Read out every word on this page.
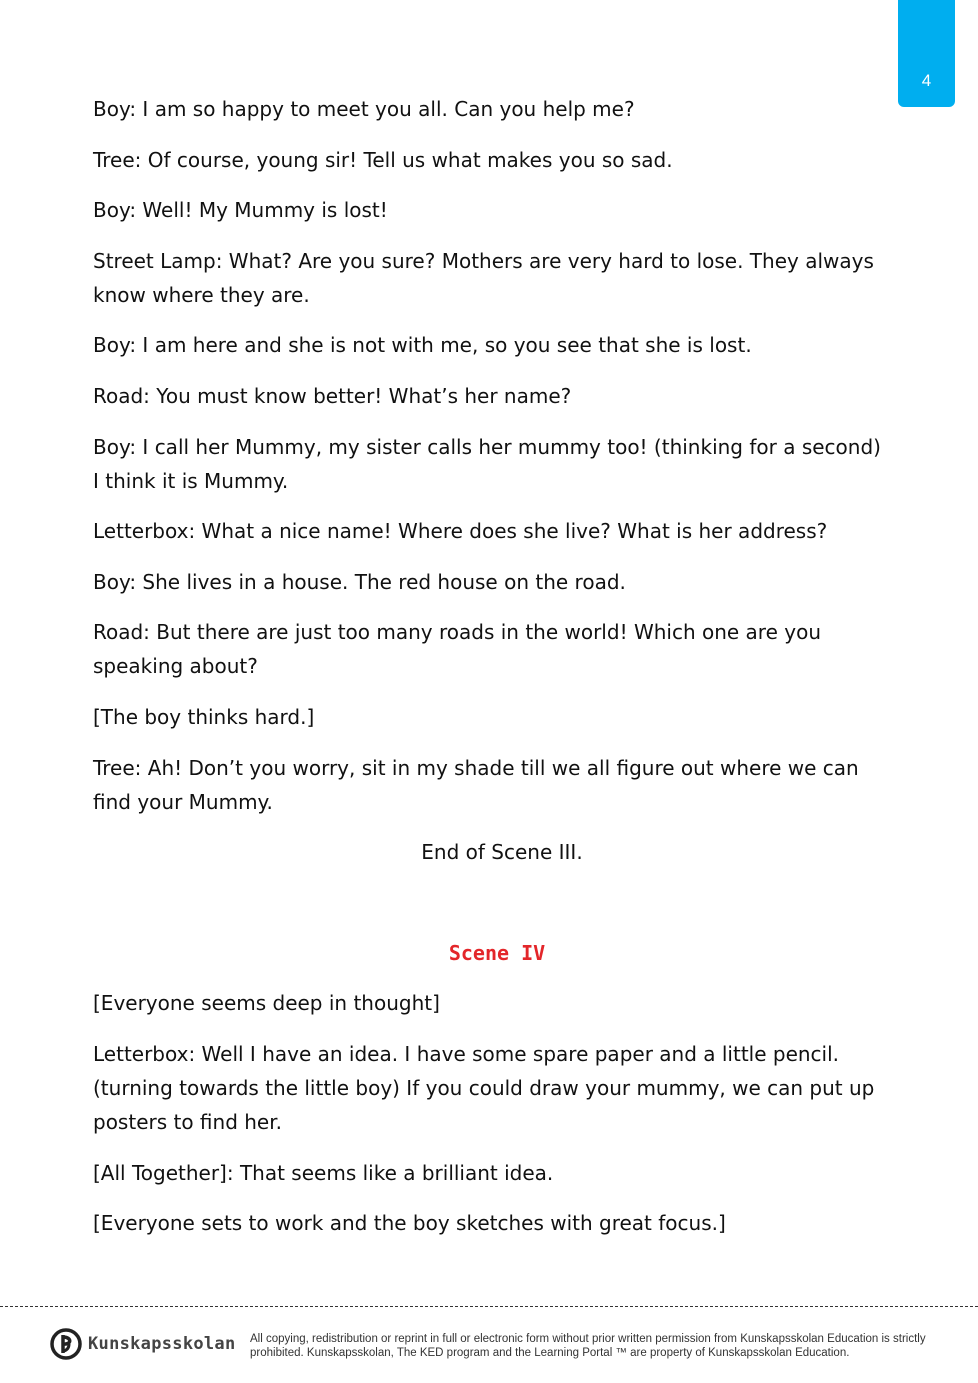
4

Boy: I am so happy to meet you all. Can you help me?

Tree: Of course, young sir! Tell us what makes you so sad.

Boy: Well! My Mummy is lost!

Street Lamp: What? Are you sure? Mothers are very hard to lose. They always know where they are.

Boy: I am here and she is not with me, so you see that she is lost.

Road: You must know better! What’s her name?

Boy: I call her Mummy, my sister calls her mummy too! (thinking for a second) I think it is Mummy.

Letterbox: What a nice name! Where does she live? What is her address?

Boy: She lives in a house. The red house on the road.

Road: But there are just too many roads in the world! Which one are you speaking about?

[The boy thinks hard.]

Tree: Ah! Don’t you worry, sit in my shade till we all figure out where we can find your Mummy.

End of Scene III.

Scene IV

[Everyone seems deep in thought]

Letterbox: Well I have an idea. I have some spare paper and a little pencil. (turning towards the little boy) If you could draw your mummy, we can put up posters to find her.

[All Together]: That seems like a brilliant idea.

[Everyone sets to work and the boy sketches with great focus.]

Kunskapsskolan All copying, redistribution or reprint in full or electronic form without prior written permission from Kunskapsskolan Education is strictly prohibited. Kunskapsskolan, The KED program and the Learning Portal ™ are property of Kunskapsskolan Education.
